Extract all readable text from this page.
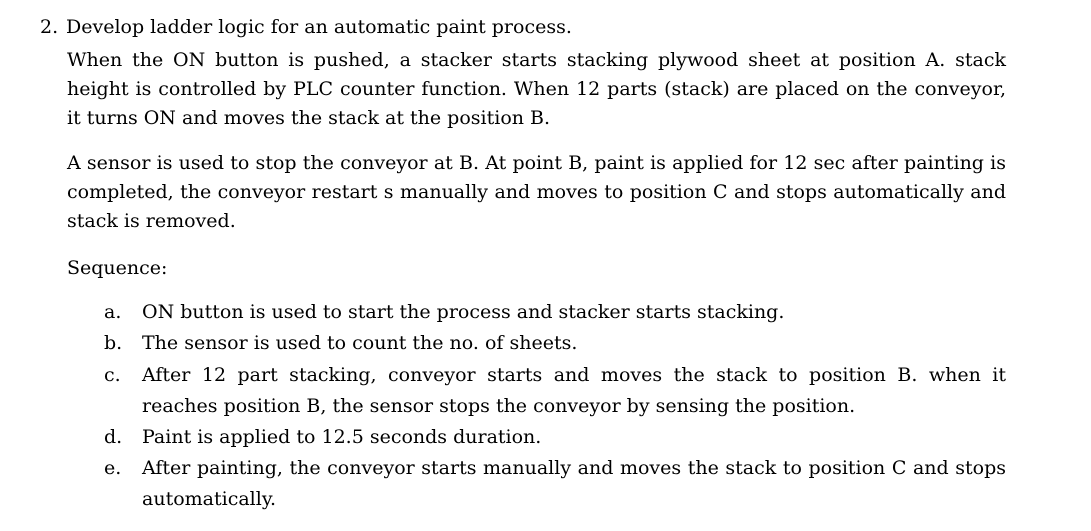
2. Develop ladder logic for an automatic paint process.

When the ON button is pushed, a stacker starts stacking plywood sheet at position A. stack height is controlled by PLC counter function. When 12 parts (stack) are placed on the conveyor, it turns ON and moves the stack at the position B.

A sensor is used to stop the conveyor at B. At point B, paint is applied for 12 sec after painting is completed, the conveyor restart s manually and moves to position C and stops automatically and stack is removed.

Sequence:

a.	ON button is used to start the process and stacker starts stacking.
b.	The sensor is used to count the no. of sheets.
c.	After 12 part stacking, conveyor starts and moves the stack to position B. when it reaches position B, the sensor stops the conveyor by sensing the position.
d.	Paint is applied to 12.5 seconds duration.
e.	After painting, the conveyor starts manually and moves the stack to position C and stops automatically.
